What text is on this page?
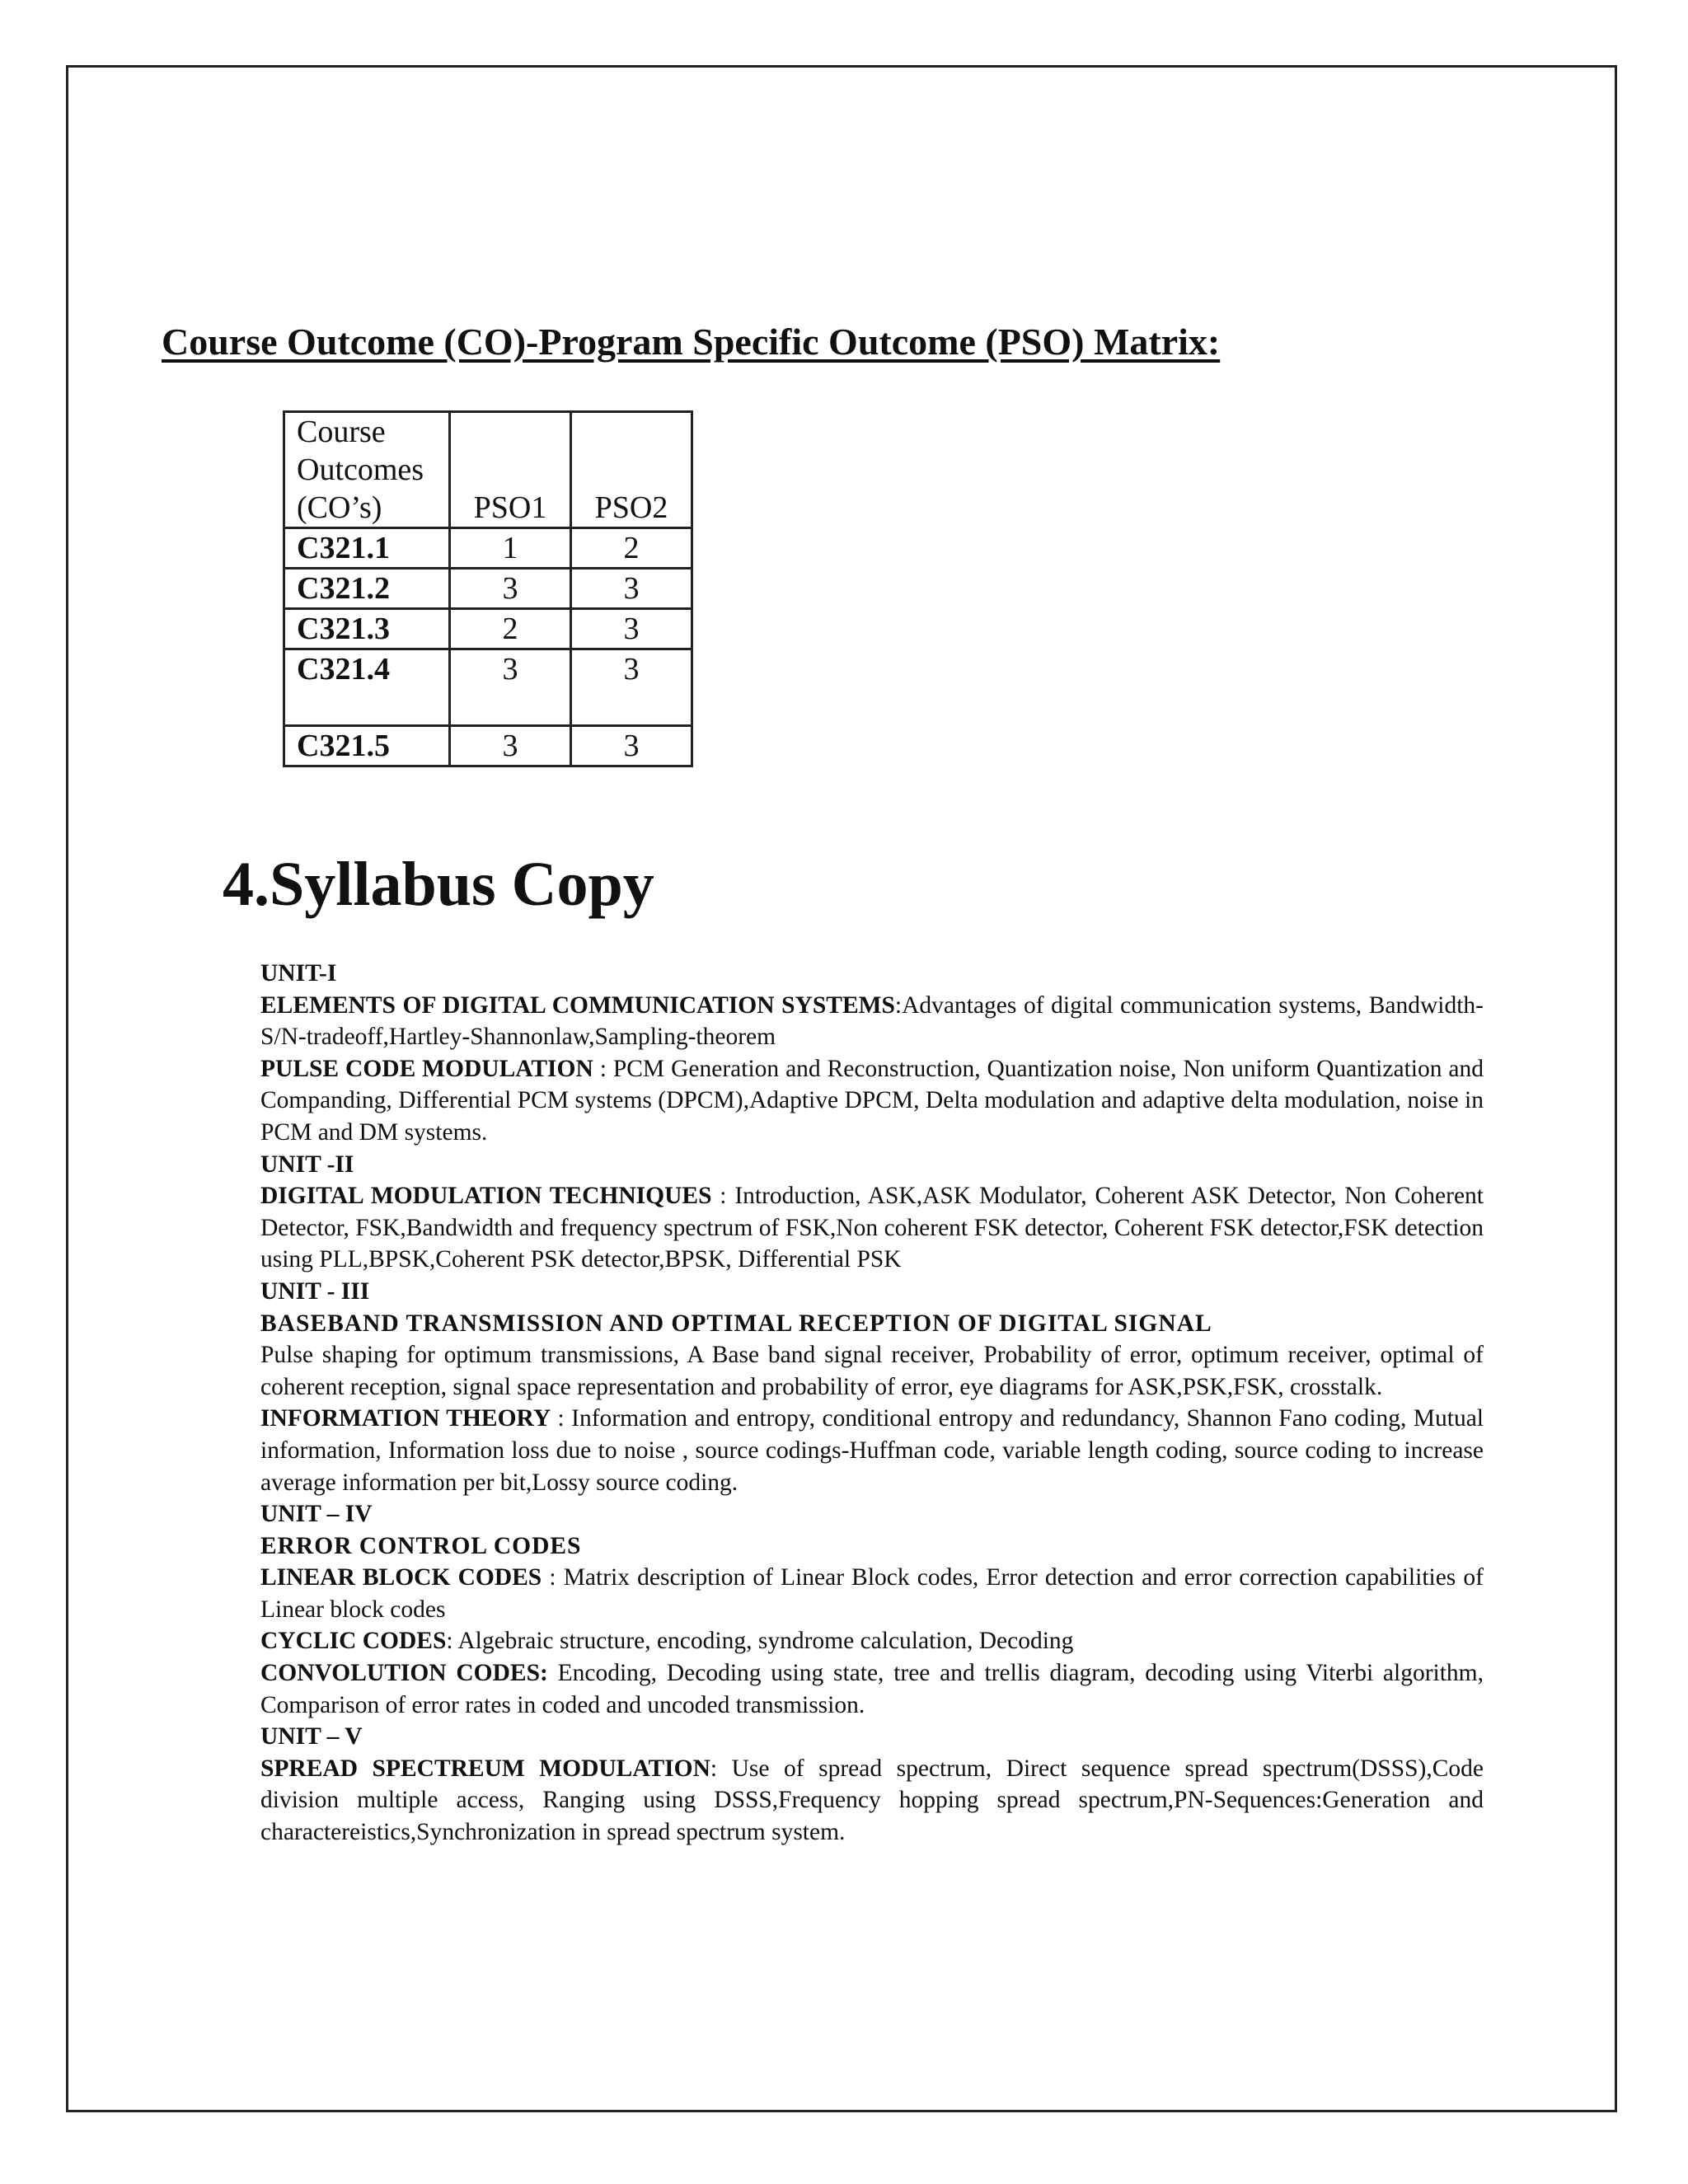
Course Outcome (CO)-Program Specific Outcome (PSO) Matrix:
Course
Outcomes
(CO’s)	PSO1	PSO2
C321.1	1	2
C321.2	3	3
C321.3	2	3
C321.4	3	3
C321.5	3	3
4.Syllabus Copy

UNIT-I

ELEMENTS OF DIGITAL COMMUNICATION SYSTEMS:Advantages of digital communication systems, Bandwidth-S/N-tradeoff,Hartley-Shannonlaw,Sampling-theorem

PULSE CODE MODULATION : PCM Generation and Reconstruction, Quantization noise, Non uniform Quantization and Companding, Differential PCM systems (DPCM),Adaptive DPCM, Delta modulation and adaptive delta modulation, noise in PCM and DM systems.

UNIT -II

DIGITAL MODULATION TECHNIQUES : Introduction, ASK,ASK Modulator, Coherent ASK Detector, Non Coherent Detector, FSK,Bandwidth and frequency spectrum of FSK,Non coherent FSK detector, Coherent FSK detector,FSK detection using PLL,BPSK,Coherent PSK detector,BPSK, Differential PSK

UNIT - III

BASEBAND TRANSMISSION AND OPTIMAL RECEPTION OF DIGITAL SIGNAL

Pulse shaping for optimum transmissions, A Base band signal receiver, Probability of error, optimum receiver, optimal of coherent reception, signal space representation and probability of error, eye diagrams for ASK,PSK,FSK, crosstalk.

INFORMATION THEORY : Information and entropy, conditional entropy and redundancy, Shannon Fano coding, Mutual information, Information loss due to noise , source codings-Huffman code, variable length coding, source coding to increase average information per bit,Lossy source coding.

UNIT – IV

ERROR CONTROL CODES

LINEAR BLOCK CODES : Matrix description of Linear Block codes, Error detection and error correction capabilities of Linear block codes

CYCLIC CODES: Algebraic structure, encoding, syndrome calculation, Decoding

CONVOLUTION CODES: Encoding, Decoding using state, tree and trellis diagram, decoding using Viterbi algorithm, Comparison of error rates in coded and uncoded transmission.

UNIT – V

SPREAD SPECTREUM MODULATION: Use of spread spectrum, Direct sequence spread spectrum(DSSS),Code division multiple access, Ranging using DSSS,Frequency hopping spread spectrum,PN-Sequences:Generation and charactereistics,Synchronization in spread spectrum system.
